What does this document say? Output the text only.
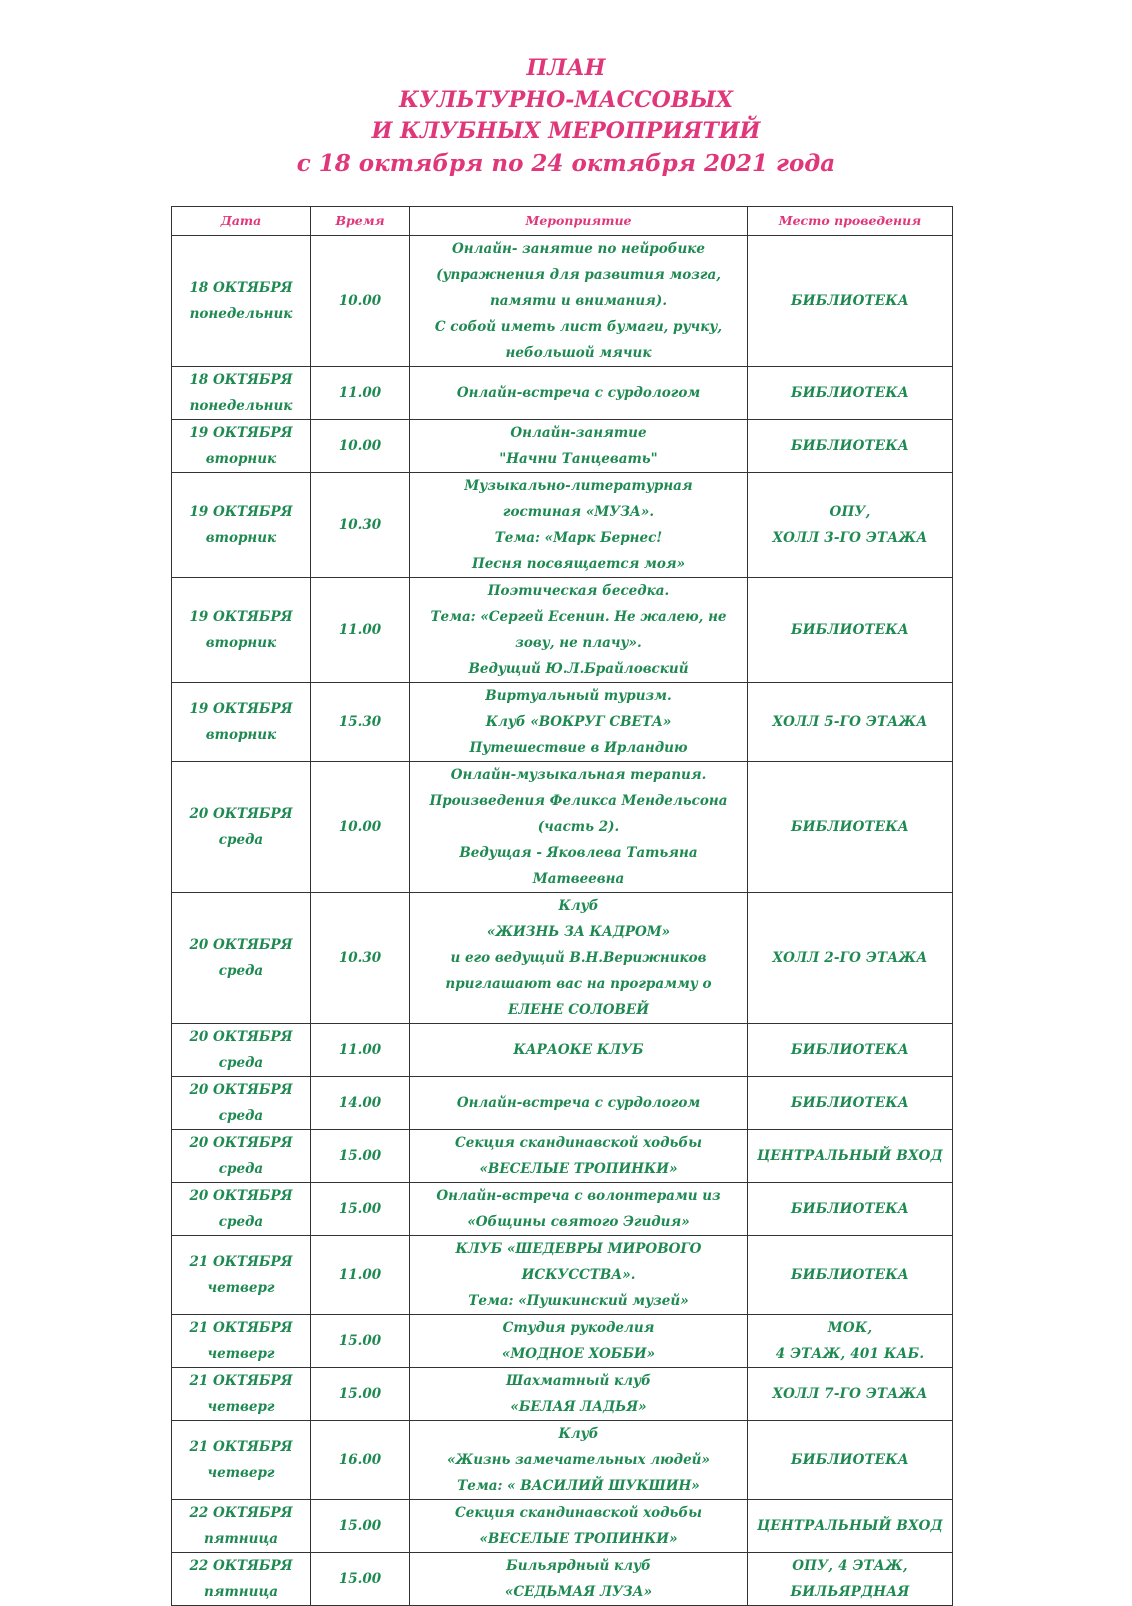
ПЛАН
КУЛЬТУРНО-МАССОВЫХ
И КЛУБНЫХ МЕРОПРИЯТИЙ
с 18 октября по 24 октября 2021 года
Дата	Время	Мероприятие	Место проведения

18 ОКТЯБРЯ
понедельник	10.00	Онлайн- занятие по нейробике
(упражнения для развития мозга,
памяти и внимания).
С собой иметь лист бумаги, ручку,
небольшой мячик	БИБЛИОТЕКА

18 ОКТЯБРЯ
понедельник	11.00	Онлайн-встреча с сурдологом	БИБЛИОТЕКА

19 ОКТЯБРЯ
вторник	10.00	Онлайн-занятие
"Начни Танцевать"	БИБЛИОТЕКА

19 ОКТЯБРЯ
вторник	10.30	Музыкально-литературная
гостиная «МУЗА».
Тема: «Марк Бернес!
Песня посвящается моя»	ОПУ,
ХОЛЛ 3-ГО ЭТАЖА

19 ОКТЯБРЯ
вторник	11.00	Поэтическая беседка.
Тема: «Сергей Есенин. Не жалею, не
зову, не плачу».
Ведущий Ю.Л.Брайловский	БИБЛИОТЕКА

19 ОКТЯБРЯ
вторник	15.30	Виртуальный туризм.
Клуб «ВОКРУГ СВЕТА»
Путешествие в Ирландию	ХОЛЛ 5-ГО ЭТАЖА

20 ОКТЯБРЯ
среда	10.00	Онлайн-музыкальная терапия.
Произведения Феликса Мендельсона
(часть 2).
Ведущая - Яковлева Татьяна
Матвеевна	БИБЛИОТЕКА

20 ОКТЯБРЯ
среда	10.30	Клуб
«ЖИЗНЬ ЗА КАДРОМ»
и его ведущий В.Н.Верижников
приглашают вас на программу о
ЕЛЕНЕ СОЛОВЕЙ	ХОЛЛ 2-ГО ЭТАЖА

20 ОКТЯБРЯ
среда	11.00	КАРАОКЕ КЛУБ	БИБЛИОТЕКА

20 ОКТЯБРЯ
среда	14.00	Онлайн-встреча с сурдологом	БИБЛИОТЕКА

20 ОКТЯБРЯ
среда	15.00	Секция скандинавской ходьбы
«ВЕСЕЛЫЕ ТРОПИНКИ»	ЦЕНТРАЛЬНЫЙ ВХОД

20 ОКТЯБРЯ
среда	15.00	Онлайн-встреча с волонтерами из
«Общины святого Эгидия»	БИБЛИОТЕКА

21 ОКТЯБРЯ
четверг	11.00	КЛУБ «ШЕДЕВРЫ МИРОВОГО
ИСКУССТВА».
Тема: «Пушкинский музей»	БИБЛИОТЕКА

21 ОКТЯБРЯ
четверг	15.00	Студия рукоделия
«МОДНОЕ ХОББИ»	МОК,
4 ЭТАЖ, 401 КАБ.

21 ОКТЯБРЯ
четверг	15.00	Шахматный клуб
«БЕЛАЯ ЛАДЬЯ»	ХОЛЛ 7-ГО ЭТАЖА

21 ОКТЯБРЯ
четверг	16.00	Клуб
«Жизнь замечательных людей»
Тема: « ВАСИЛИЙ ШУКШИН»	БИБЛИОТЕКА

22 ОКТЯБРЯ
пятница	15.00	Секция скандинавской ходьбы
«ВЕСЕЛЫЕ ТРОПИНКИ»	ЦЕНТРАЛЬНЫЙ ВХОД

22 ОКТЯБРЯ
пятница	15.00	Бильярдный клуб
«СЕДЬМАЯ ЛУЗА»	ОПУ, 4 ЭТАЖ,
БИЛЬЯРДНАЯ
